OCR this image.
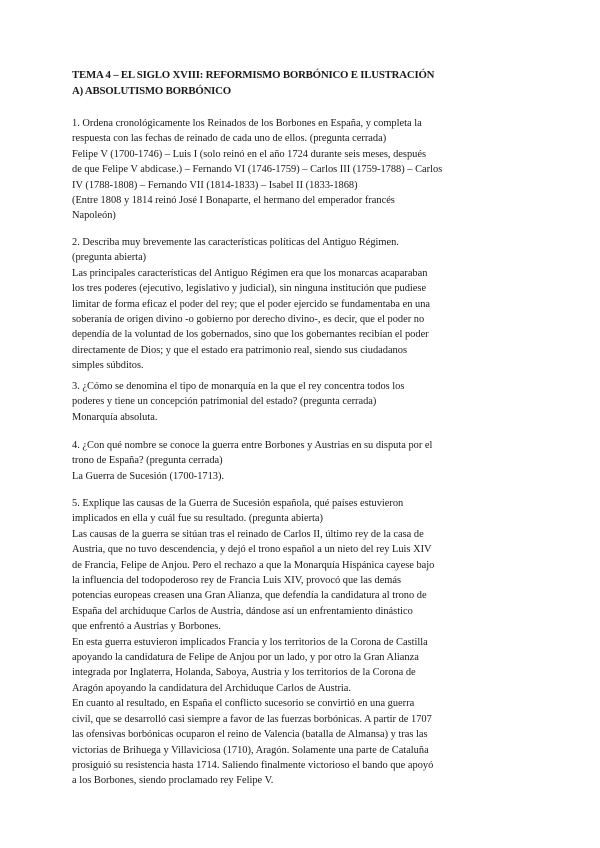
TEMA 4 – EL SIGLO XVIII: REFORMISMO BORBÓNICO E ILUSTRACIÓN
A) ABSOLUTISMO BORBÓNICO
1. Ordena cronológicamente los Reinados de los Borbones en España, y completa la
respuesta con las fechas de reinado de cada uno de ellos. (pregunta cerrada)
Felipe V (1700-1746) – Luis I (solo reinó en el año 1724 durante seis meses, después
de que Felipe V abdicase.) – Fernando VI (1746-1759) – Carlos III (1759-1788) – Carlos
IV (1788-1808) – Fernando VII (1814-1833) – Isabel II (1833-1868)
(Entre 1808 y 1814 reinó José I Bonaparte, el hermano del emperador francés
Napoleón)
2. Describa muy brevemente las características políticas del Antiguo Régimen.
(pregunta abierta)
Las principales características del Antiguo Régimen era que los monarcas acaparaban
los tres poderes (ejecutivo, legislativo y judicial), sin ninguna institución que pudiese
limitar de forma eficaz el poder del rey; que el poder ejercido se fundamentaba en una
soberanía de origen divino -o gobierno por derecho divino-, es decir, que el poder no
dependía de la voluntad de los gobernados, sino que los gobernantes recibían el poder
directamente de Dios; y que el estado era patrimonio real, siendo sus ciudadanos
simples súbditos.
3. ¿Cómo se denomina el tipo de monarquía en la que el rey concentra todos los
poderes y tiene un concepción patrimonial del estado? (pregunta cerrada)
Monarquía absoluta.
4. ¿Con qué nombre se conoce la guerra entre Borbones y Austrias en su disputa por el
trono de España? (pregunta cerrada)
La Guerra de Sucesión (1700-1713).
5. Explique las causas de la Guerra de Sucesión española, qué países estuvieron
implicados en ella y cuál fue su resultado. (pregunta abierta)
Las causas de la guerra se sitúan tras el reinado de Carlos II, último rey de la casa de
Austria, que no tuvo descendencia, y dejó el trono español a un nieto del rey Luis XIV
de Francia, Felipe de Anjou. Pero el rechazo a que la Monarquía Hispánica cayese bajo
la influencia del todopoderoso rey de Francia Luis XIV, provocó que las demás
potencias europeas creasen una Gran Alianza, que defendía la candidatura al trono de
España del archiduque Carlos de Austria, dándose así un enfrentamiento dinástico
que enfrentó a Austrias y Borbones.
En esta guerra estuvieron implicados Francia y los territorios de la Corona de Castilla
apoyando la candidatura de Felipe de Anjou por un lado, y por otro la Gran Alianza
integrada por Inglaterra, Holanda, Saboya, Austria y los territorios de la Corona de
Aragón apoyando la candidatura del Archiduque Carlos de Austria.
En cuanto al resultado, en España el conflicto sucesorio se convirtió en una guerra
civil, que se desarrolló casi siempre a favor de las fuerzas borbónicas. A partir de 1707
las ofensivas borbónicas ocuparon el reino de Valencia (batalla de Almansa) y tras las
victorias de Brihuega y Villaviciosa (1710), Aragón. Solamente una parte de Cataluña
prosiguió su resistencia hasta 1714. Saliendo finalmente victorioso el bando que apoyó
a los Borbones, siendo proclamado rey Felipe V.
